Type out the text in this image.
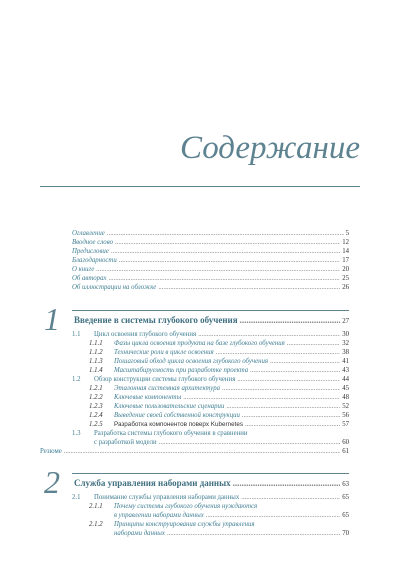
Содержание
Оглавление .....	5
Вводное слово .....	12
Предисловие .....	14
Благодарности .....	17
О книге .....	20
Об авторах .....	25
Об иллюстрации на обложке .....	26
1 Введение в системы глубокого обучения .....	27
1.1	Цикл освоения глубокого обучения .....	30
1.1.1	Фазы цикла освоения продукта на базе глубокого обучения .....	32
1.1.2	Технические роли в цикле освоения .....	38
1.1.3	Пошаговый обход цикла освоения глубокого обучения .....	41
1.1.4	Масштабируемость при разработке проекта .....	43
1.2	Обзор конструкции системы глубокого обучения .....	44
1.2.1	Эталонная системная архитектура .....	45
1.2.2	Ключевые компоненты .....	48
1.2.3	Ключевые пользовательские сценарии .....	52
1.2.4	Выведение своей собственной конструкции .....	56
1.2.5	Разработка компонентов поверх Kubernetes .....	57
1.3	Разработка системы глубокого обучения в сравнении
с разработкой модели .....	60
Резюме .....	61
2 Служба управления наборами данных .....	63
2.1	Понимание службы управления наборами данных .....	65
2.1.1	Почему системы глубокого обучения нуждаются
в управлении наборами данных .....	65
2.1.2	Принципы конструирования службы управления
наборами данных .....	70
